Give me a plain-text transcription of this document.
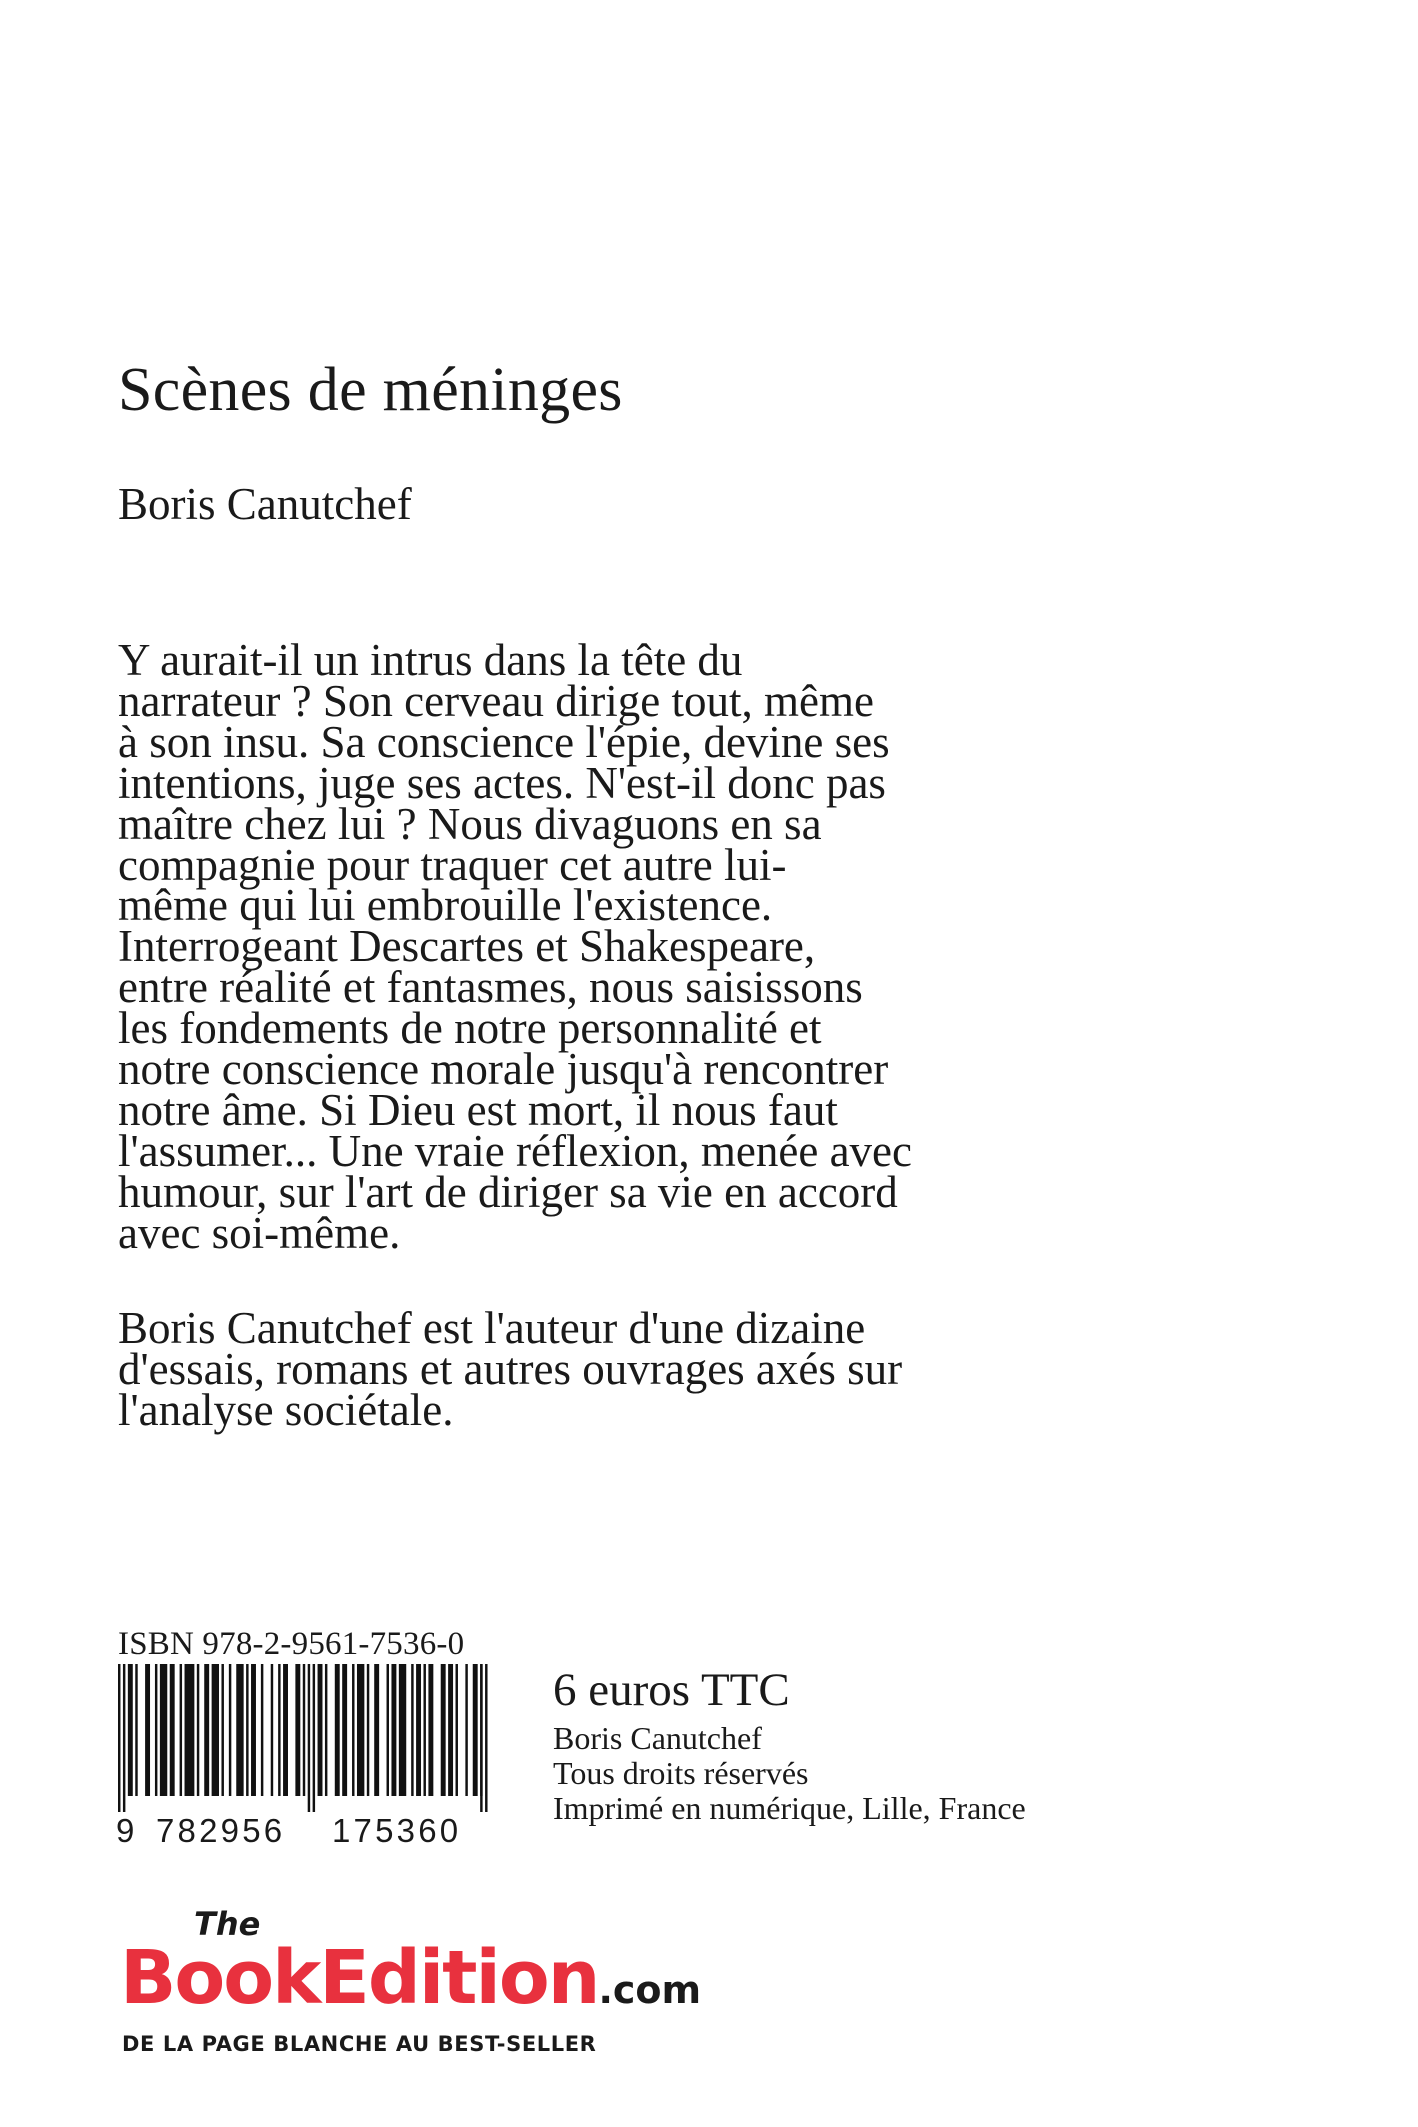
Scènes de méninges

Boris Canutchef

Y aurait-il un intrus dans la tête du
narrateur ? Son cerveau dirige tout, même
à son insu. Sa conscience l'épie, devine ses
intentions, juge ses actes. N'est-il donc pas
maître chez lui ? Nous divaguons en sa
compagnie pour traquer cet autre lui-
même qui lui embrouille l'existence.
Interrogeant Descartes et Shakespeare,
entre réalité et fantasmes, nous saisissons
les fondements de notre personnalité et
notre conscience morale jusqu'à rencontrer
notre âme. Si Dieu est mort, il nous faut
l'assumer... Une vraie réflexion, menée avec
humour, sur l'art de diriger sa vie en accord
avec soi-même.

Boris Canutchef est l'auteur d'une dizaine
d'essais, romans et autres ouvrages axés sur
l'analyse sociétale.

ISBN 978-2-9561-7536-0
9 782956 175360
6 euros TTC
Boris Canutchef
Tous droits réservés
Imprimé en numérique, Lille, France
The
BookEdition.com
DE LA PAGE BLANCHE AU BEST-SELLER
